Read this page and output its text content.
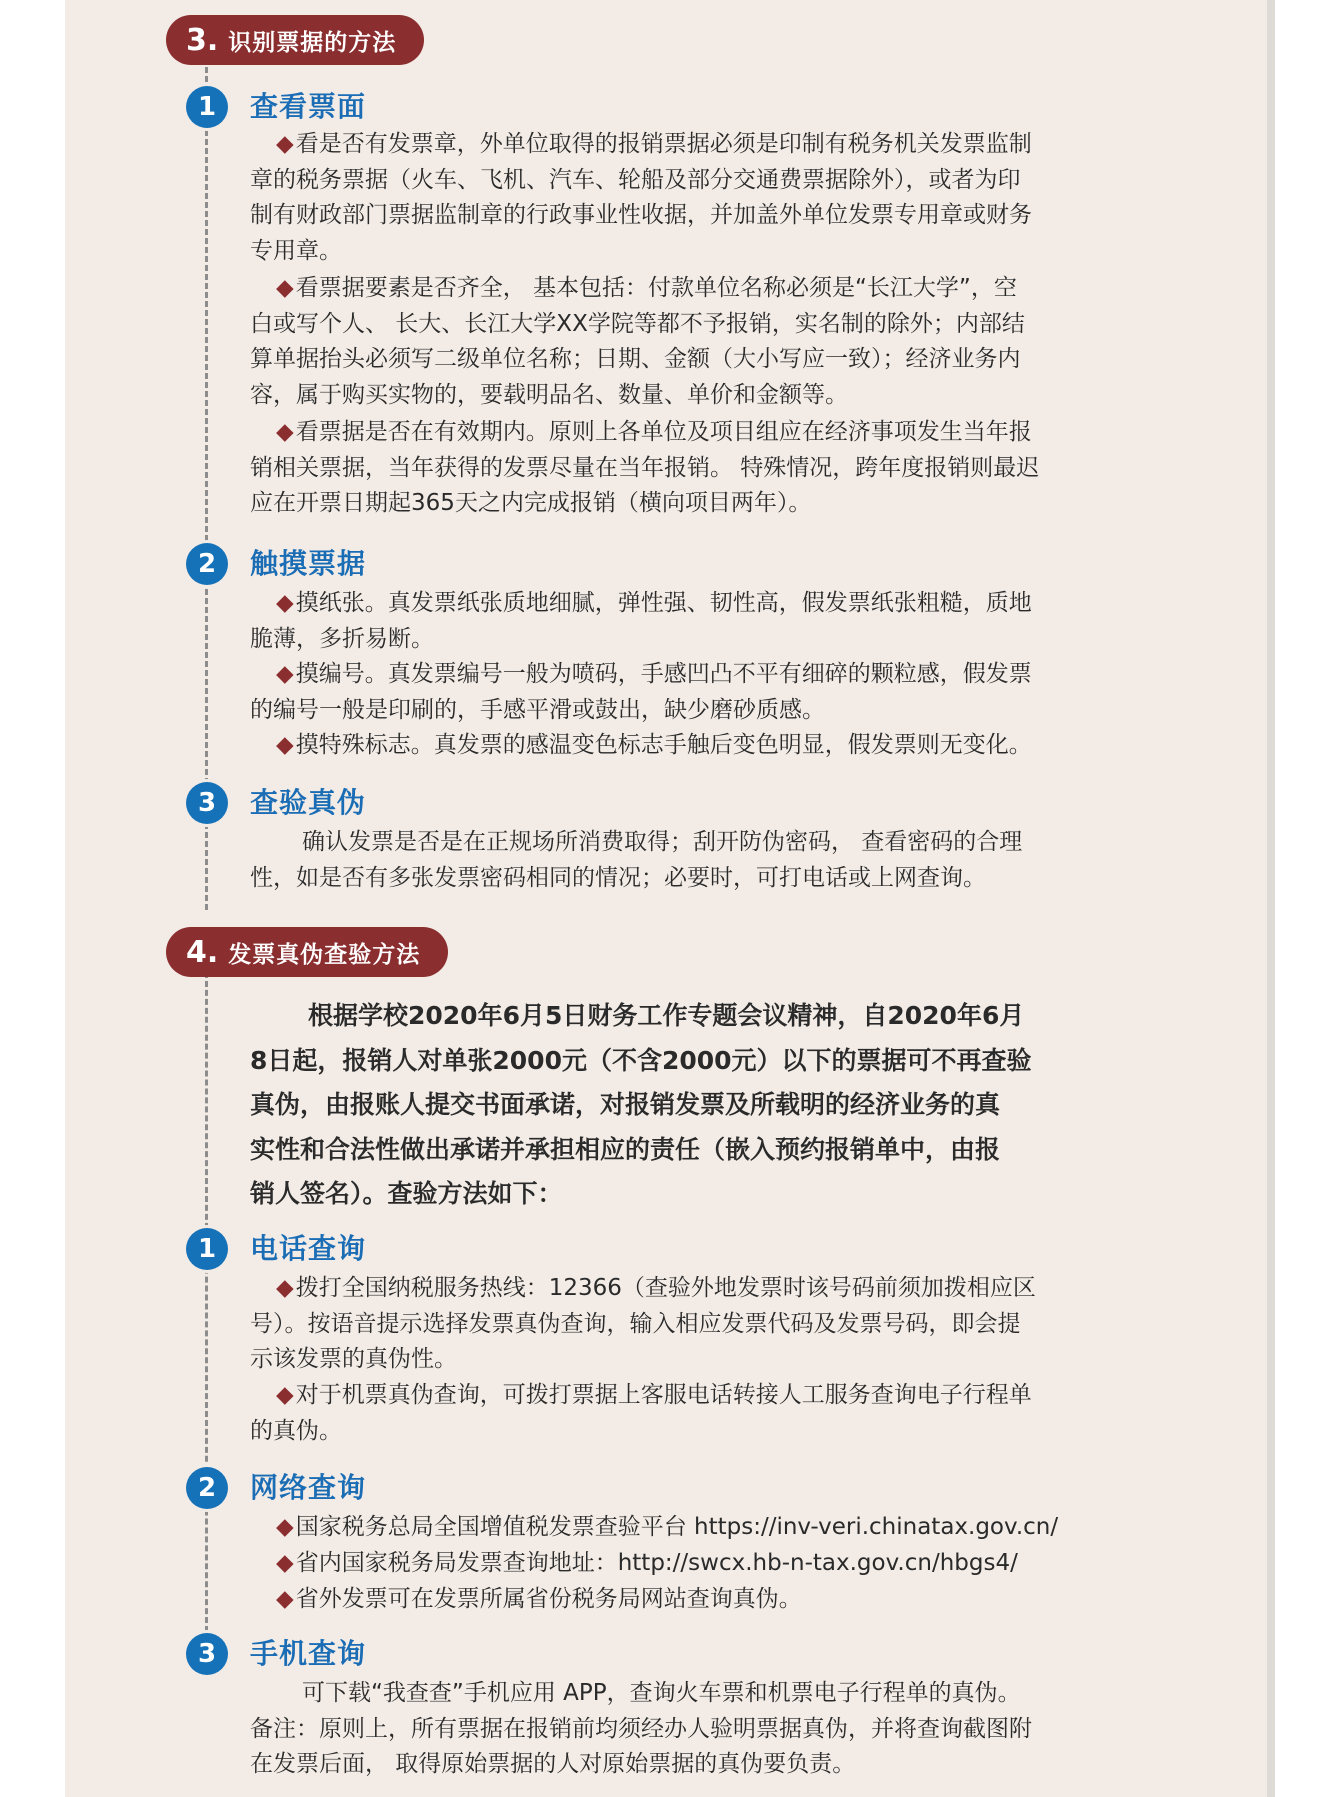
3. 识别票据的方法
1	查看票面
◆看是否有发票章，外单位取得的报销票据必须是印制有税务机关发票监制
章的税务票据（火车、飞机、汽车、轮船及部分交通费票据除外），或者为印
制有财政部门票据监制章的行政事业性收据，并加盖外单位发票专用章或财务
专用章。
◆看票据要素是否齐全， 基本包括：付款单位名称必须是“长江大学”，空
白或写个人、 长大、长江大学XX学院等都不予报销，实名制的除外；内部结
算单据抬头必须写二级单位名称；日期、金额（大小写应一致）；经济业务内
容，属于购买实物的，要载明品名、数量、单价和金额等。
◆看票据是否在有效期内。原则上各单位及项目组应在经济事项发生当年报
销相关票据，当年获得的发票尽量在当年报销。 特殊情况，跨年度报销则最迟
应在开票日期起365天之内完成报销（横向项目两年）。
2	触摸票据
◆摸纸张。真发票纸张质地细腻，弹性强、韧性高，假发票纸张粗糙，质地
脆薄，多折易断。
◆摸编号。真发票编号一般为喷码，手感凹凸不平有细碎的颗粒感，假发票
的编号一般是印刷的，手感平滑或鼓出，缺少磨砂质感。
◆摸特殊标志。真发票的感温变色标志手触后变色明显，假发票则无变化。
3	查验真伪
确认发票是否是在正规场所消费取得；刮开防伪密码， 查看密码的合理
性，如是否有多张发票密码相同的情况；必要时，可打电话或上网查询。
4. 发票真伪查验方法
根据学校2020年6月5日财务工作专题会议精神，自2020年6月
8日起，报销人对单张2000元（不含2000元）以下的票据可不再查验
真伪，由报账人提交书面承诺，对报销发票及所载明的经济业务的真
实性和合法性做出承诺并承担相应的责任（嵌入预约报销单中，由报
销人签名）。查验方法如下：
1	电话查询
◆拨打全国纳税服务热线：12366（查验外地发票时该号码前须加拨相应区
号）。按语音提示选择发票真伪查询，输入相应发票代码及发票号码，即会提
示该发票的真伪性。
◆对于机票真伪查询，可拨打票据上客服电话转接人工服务查询电子行程单
的真伪。
2	网络查询
◆国家税务总局全国增值税发票查验平台 https://inv-veri.chinatax.gov.cn/
◆省内国家税务局发票查询地址：http://swcx.hb-n-tax.gov.cn/hbgs4/
◆省外发票可在发票所属省份税务局网站查询真伪。
3	手机查询
可下载“我查查”手机应用 APP，查询火车票和机票电子行程单的真伪。
备注：原则上，所有票据在报销前均须经办人验明票据真伪，并将查询截图附
在发票后面， 取得原始票据的人对原始票据的真伪要负责。
